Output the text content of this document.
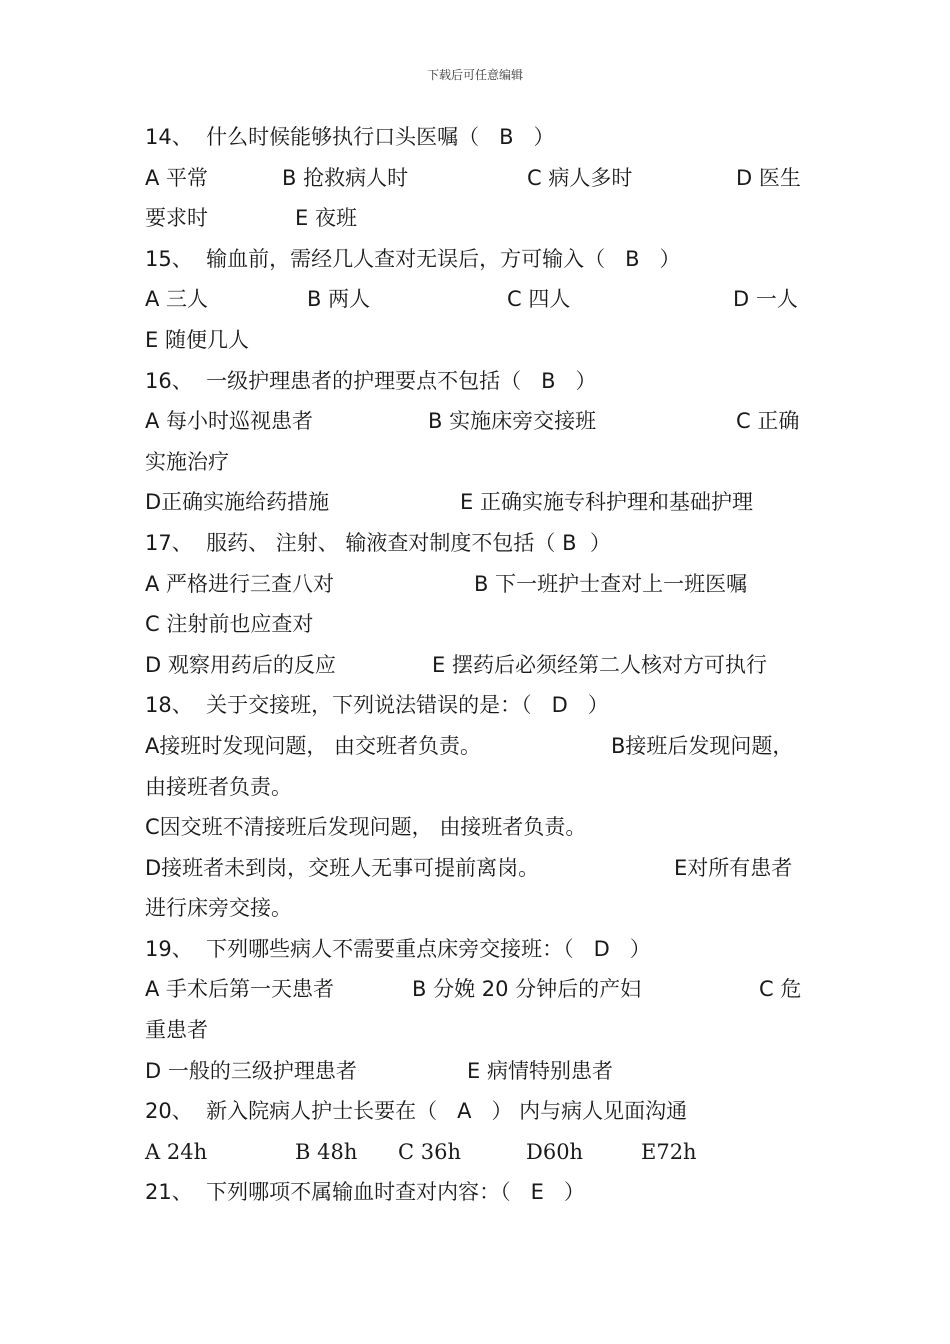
下载后可任意编辑
14、  什么时候能够执行口头医嘱（   B   ）
A 平常	B 抢救病人时	C 病人多时	D 医生
要求时	E 夜班
15、  输血前，需经几人查对无误后，方可输入（   B   ）
A 三人	B 两人	C 四人	D 一人
E 随便几人
16、  一级护理患者的护理要点不包括（   B   ）
A 每小时巡视患者	B 实施床旁交接班	C 正确
实施治疗
D正确实施给药措施	E 正确实施专科护理和基础护理
17、  服药、 注射、 输液查对制度不包括（ B  ）
A 严格进行三查八对	B 下一班护士查对上一班医嘱
C 注射前也应查对
D 观察用药后的反应	E 摆药后必须经第二人核对方可执行
18、  关于交接班，下列说法错误的是：（   D   ）
A接班时发现问题， 由交班者负责。	B接班后发现问题，
由接班者负责。
C因交班不清接班后发现问题， 由接班者负责。
D接班者未到岗，交班人无事可提前离岗。	E对所有患者
进行床旁交接。
19、  下列哪些病人不需要重点床旁交接班：（   D   ）
A 手术后第一天患者	B 分娩 20 分钟后的产妇	C 危
重患者
D 一般的三级护理患者	E 病情特别患者
20、  新入院病人护士长要在（   A   ） 内与病人见面沟通
A 24h	B 48h C 36h	D60h	E72h
21、  下列哪项不属输血时查对内容：（   E   ）
